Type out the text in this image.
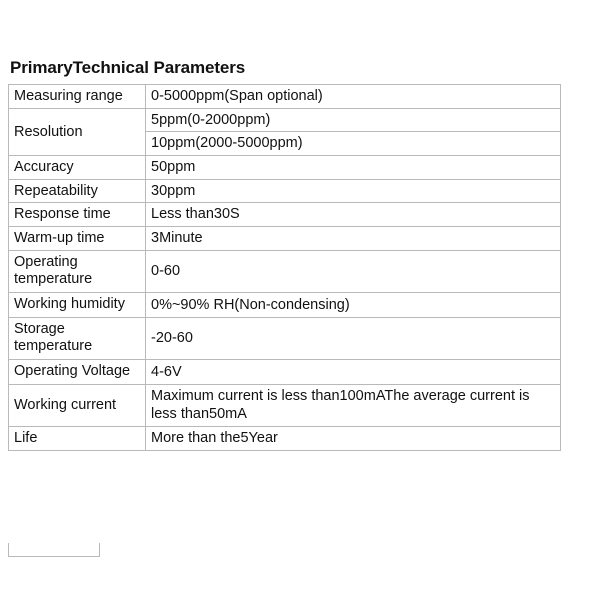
PrimaryTechnical Parameters
Measuring range	0-5000ppm(Span optional)
Resolution	5ppm(0-2000ppm)
	10ppm(2000-5000ppm)
Accuracy	50ppm
Repeatability	30ppm
Response time	Less than30S
Warm-up time	3Minute
Operating temperature	0-60
Working humidity	0%~90% RH(Non-condensing)
Storage temperature	-20-60
Operating Voltage	4-6V
Working current	Maximum current is less than100mAThe average current is less than50mA
Life	More than the5Year
